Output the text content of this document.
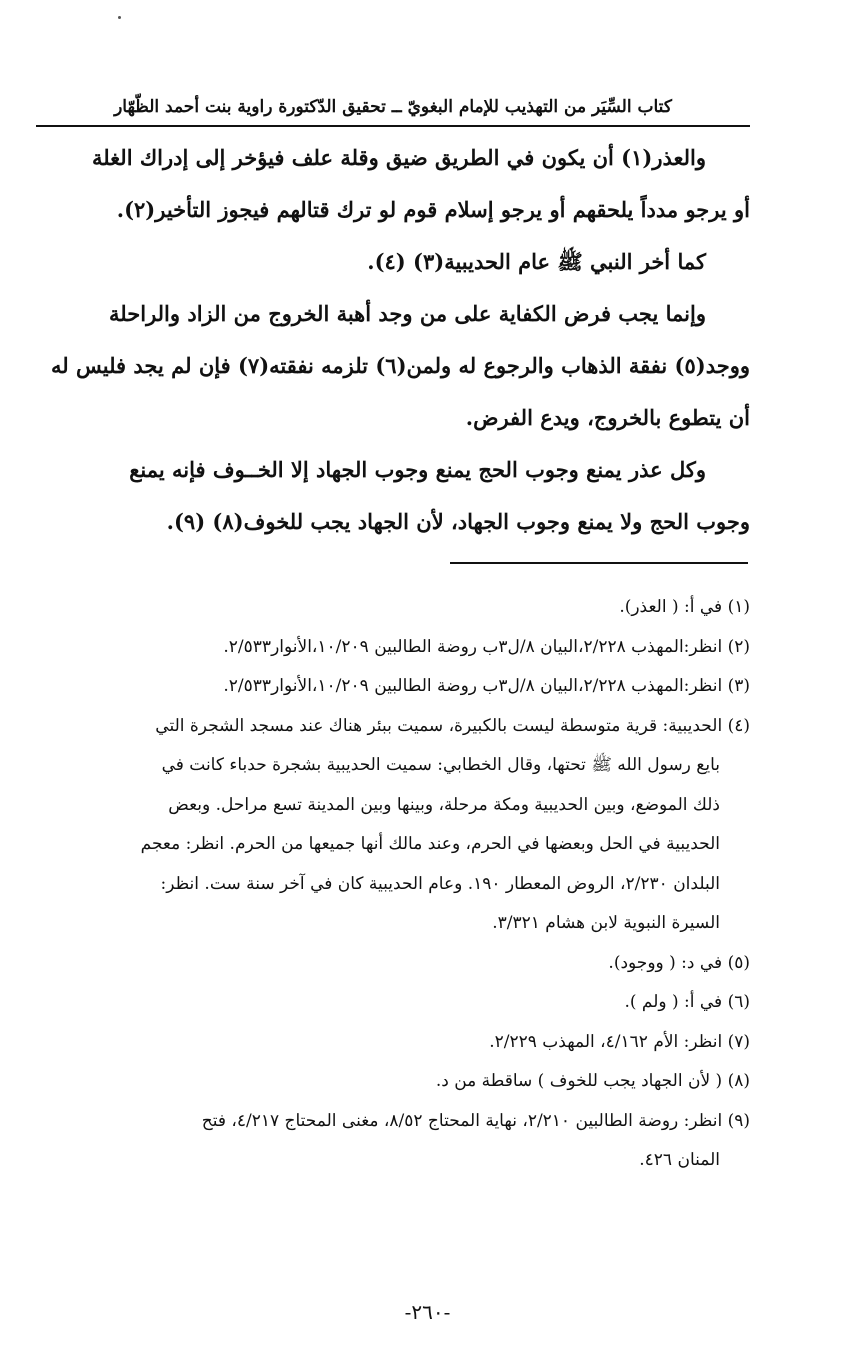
كتاب السِّيَر من التهذيب للإمام البغويّ ــ تحقيق الدّكتورة راوية بنت أحمد الظّهّار
والعذر(١) أن يكون في الطريق ضيق وقلة علف فيؤخر إلى إدراك الغلة
أو يرجو مدداً يلحقهم أو يرجو إسلام قوم لو ترك قتالهم فيجوز التأخير(٢).
كما أخر النبي ﷺ عام الحديبية(٣) (٤).
وإنما يجب فرض الكفاية على من وجد أهبة الخروج من الزاد والراحلة
ووجد(٥) نفقة الذهاب والرجوع له ولمن(٦) تلزمه نفقته(٧) فإن لم يجد فليس له
أن يتطوع بالخروج، ويدع الفرض.
وكل عذر يمنع وجوب الحج يمنع وجوب الجهاد إلا الخــوف فإنه يمنع
وجوب الحج ولا يمنع وجوب الجهاد، لأن الجهاد يجب للخوف(٨) (٩).
(١) في أ: ( العذر).
(٢) انظر:المهذب ٢/٢٢٨،البيان ٨/ل٣ب روضة الطالبين ١٠/٢٠٩،الأنوار٢/٥٣٣.
(٣) انظر:المهذب ٢/٢٢٨،البيان ٨/ل٣ب روضة الطالبين ١٠/٢٠٩،الأنوار٢/٥٣٣.
(٤) الحديبية: قرية متوسطة ليست بالكبيرة، سميت ببئر هناك عند مسجد الشجرة التي
بايع رسول الله ﷺ تحتها، وقال الخطابي: سميت الحديبية بشجرة حدباء كانت في
ذلك الموضع، وبين الحديبية ومكة مرحلة، وبينها وبين المدينة تسع مراحل. وبعض
الحديبية في الحل وبعضها في الحرم، وعند مالك أنها جميعها من الحرم. انظر: معجم
البلدان ٢/٢٣٠، الروض المعطار ١٩٠. وعام الحديبية كان في آخر سنة ست. انظر:
السيرة النبوية لابن هشام ٣/٣٢١.
(٥) في د: ( ووجود).
(٦) في أ: ( ولم ).
(٧) انظر: الأم ٤/١٦٢، المهذب ٢/٢٢٩.
(٨) ( لأن الجهاد يجب للخوف ) ساقطة من د.
(٩) انظر: روضة الطالبين ٢/٢١٠، نهاية المحتاج ٨/٥٢، مغنى المحتاج ٤/٢١٧، فتح
المنان ٤٢٦.
-٢٦٠-
